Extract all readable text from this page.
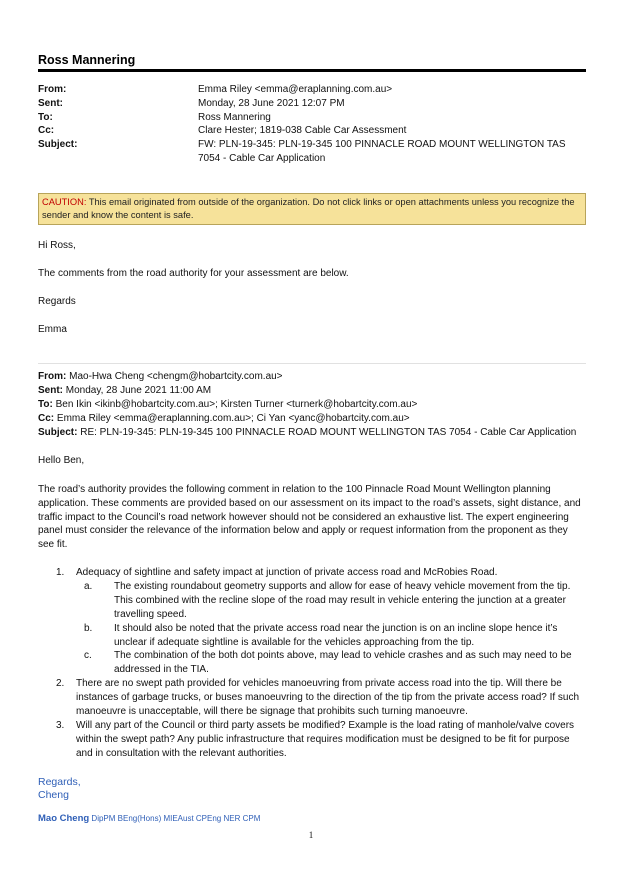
Ross Mannering
From:	Emma Riley <emma@eraplanning.com.au>
Sent:	Monday, 28 June 2021 12:07 PM
To:	Ross Mannering
Cc:	Clare Hester; 1819-038 Cable Car Assessment
Subject:	FW: PLN-19-345: PLN-19-345 100 PINNACLE ROAD MOUNT WELLINGTON TAS 7054 - Cable Car Application
CAUTION: This email originated from outside of the organization. Do not click links or open attachments unless you recognize the sender and know the content is safe.
Hi Ross,
The comments from the road authority for your assessment are below.
Regards
Emma
From: Mao-Hwa Cheng <chengm@hobartcity.com.au>
Sent: Monday, 28 June 2021 11:00 AM
To: Ben Ikin <ikinb@hobartcity.com.au>; Kirsten Turner <turnerk@hobartcity.com.au>
Cc: Emma Riley <emma@eraplanning.com.au>; Ci Yan <yanc@hobartcity.com.au>
Subject: RE: PLN-19-345: PLN-19-345 100 PINNACLE ROAD MOUNT WELLINGTON TAS 7054 - Cable Car Application
Hello Ben,
The road’s authority provides the following comment in relation to the 100 Pinnacle Road Mount Wellington planning application. These comments are provided based on our assessment on its impact to the road’s assets, sight distance, and traffic impact to the Council’s road network however should not be considered an exhaustive list. The expert engineering panel must consider the relevance of the information below and apply or request information from the proponent as they see fit.
1. Adequacy of sightline and safety impact at junction of private access road and McRobies Road.
a. The existing roundabout geometry supports and allow for ease of heavy vehicle movement from the tip. This combined with the recline slope of the road may result in vehicle entering the junction at a greater travelling speed.
b. It should also be noted that the private access road near the junction is on an incline slope hence it’s unclear if adequate sightline is available for the vehicles approaching from the tip.
c. The combination of the both dot points above, may lead to vehicle crashes and as such may need to be addressed in the TIA.
2. There are no swept path provided for vehicles manoeuvring from private access road into the tip. Will there be instances of garbage trucks, or buses manoeuvring to the direction of the tip from the private access road? If such manoeuvre is unacceptable, will there be signage that prohibits such turning manoeuvre.
3. Will any part of the Council or third party assets be modified? Example is the load rating of manhole/valve covers within the swept path? Any public infrastructure that requires modification must be designed to be fit for purpose and in consultation with the relevant authorities.
Regards,
Cheng
Mao Cheng DipPM BEng(Hons) MIEAust CPEng NER CPM
1
